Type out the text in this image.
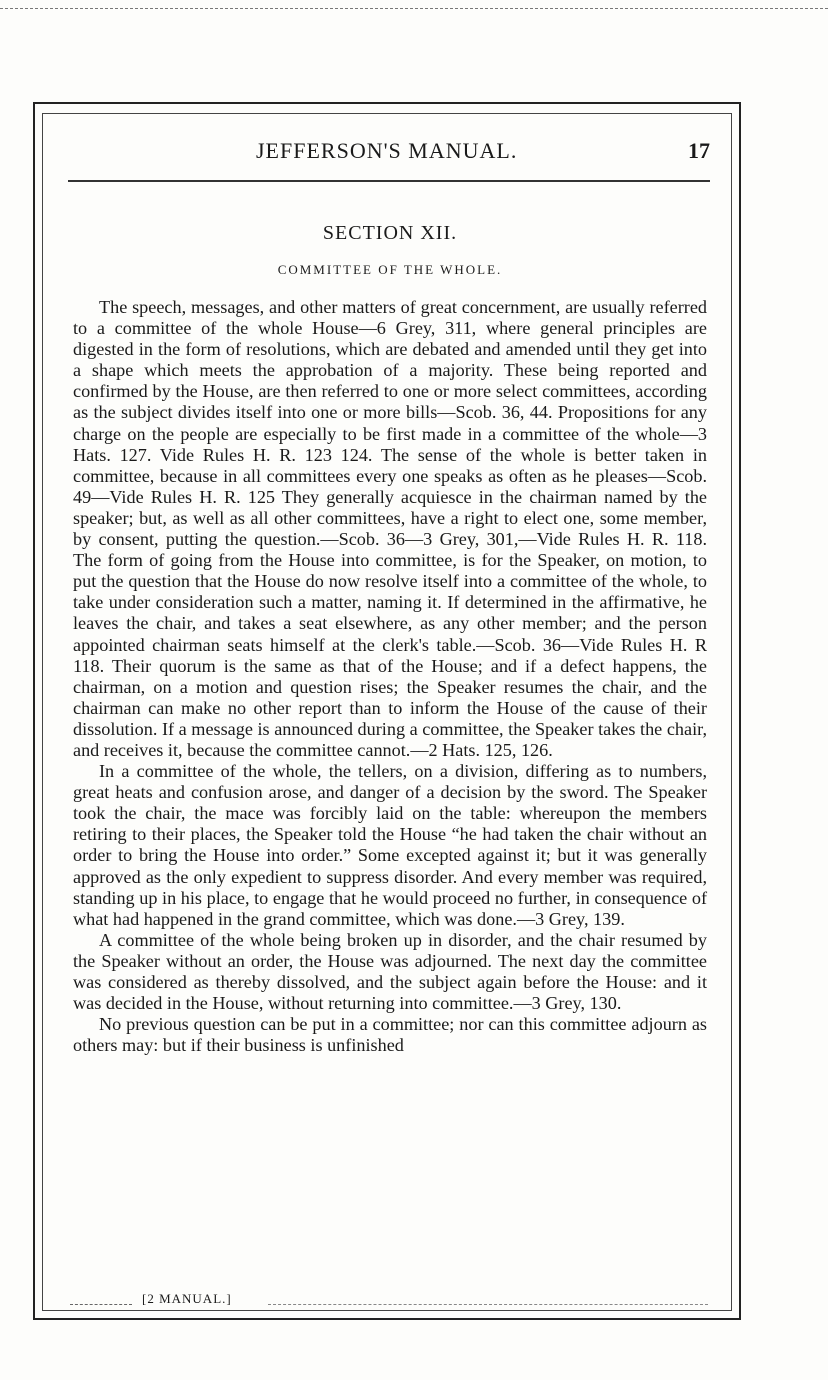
JEFFERSON'S MANUAL.	17
SECTION XII.
COMMITTEE OF THE WHOLE.

The speech, messages, and other matters of great concernment, are usually referred to a committee of the whole House—6 Grey, 311, where general principles are digested in the form of resolutions, which are debated and amended until they get into a shape which meets the approbation of a majority. These being reported and confirmed by the House, are then referred to one or more select committees, according as the subject divides itself into one or more bills—Scob. 36, 44. Propositions for any charge on the people are especially to be first made in a committee of the whole—3 Hats. 127. Vide Rules H. R. 123 124. The sense of the whole is better taken in committee, because in all committees every one speaks as often as he pleases—Scob. 49—Vide Rules H. R. 125 They generally acquiesce in the chairman named by the speaker; but, as well as all other committees, have a right to elect one, some member, by consent, putting the question.—Scob. 36—3 Grey, 301,—Vide Rules H. R. 118. The form of going from the House into committee, is for the Speaker, on motion, to put the question that the House do now resolve itself into a committee of the whole, to take under consideration such a matter, naming it. If determined in the affirmative, he leaves the chair, and takes a seat elsewhere, as any other member; and the person appointed chairman seats himself at the clerk's table.—Scob. 36—Vide Rules H. R 118. Their quorum is the same as that of the House; and if a defect happens, the chairman, on a motion and question rises; the Speaker resumes the chair, and the chairman can make no other report than to inform the House of the cause of their dissolution. If a message is announced during a committee, the Speaker takes the chair, and receives it, because the committee cannot.—2 Hats. 125, 126.

In a committee of the whole, the tellers, on a division, differing as to numbers, great heats and confusion arose, and danger of a decision by the sword. The Speaker took the chair, the mace was forcibly laid on the table: whereupon the members retiring to their places, the Speaker told the House “he had taken the chair without an order to bring the House into order.” Some excepted against it; but it was generally approved as the only expedient to suppress disorder. And every member was required, standing up in his place, to engage that he would proceed no further, in consequence of what had happened in the grand committee, which was done.—3 Grey, 139.

A committee of the whole being broken up in disorder, and the chair resumed by the Speaker without an order, the House was adjourned. The next day the committee was considered as thereby dissolved, and the subject again before the House: and it was decided in the House, without returning into committee.—3 Grey, 130.

No previous question can be put in a committee; nor can this committee adjourn as others may: but if their business is unfinished

[2 MANUAL.]
